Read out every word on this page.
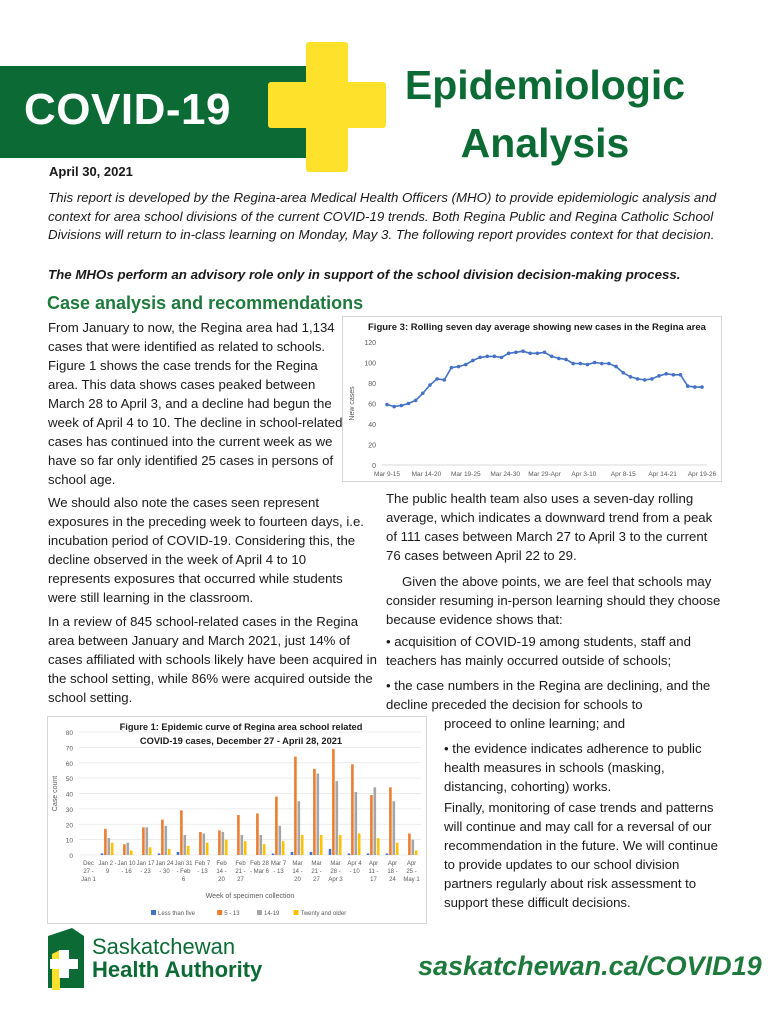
COVID-19	Epidemiologic
Analysis
April 30, 2021
This report is developed by the Regina-area Medical Health Officers (MHO) to provide epidemiologic analysis and context for area school divisions of the current COVID-19 trends. Both Regina Public and Regina Catholic School Divisions will return to in-class learning on Monday, May 3. The following report provides context for that decision.
The MHOs perform an advisory role only in support of the school division decision-making process.
Case analysis and recommendations
From January to now, the Regina area had 1,134 cases that were identified as related to schools. Figure 1 shows the case trends for the Regina area. This data shows cases peaked between March 28 to April 3, and a decline had begun the week of April 4 to 10. The decline in school-related cases has continued into the current week as we have so far only identified 25 cases in persons of school age.
We should also note the cases seen represent exposures in the preceding week to fourteen days, i.e. incubation period of COVID-19. Considering this, the decline observed in the week of April 4 to 10 represents exposures that occurred while students were still learning in the classroom.
In a review of 845 school-related cases in the Regina area between January and March 2021, just 14% of cases affiliated with schools likely have been acquired in the school setting, while 86% were acquired outside the school setting.
The public health team also uses a seven-day rolling average, which indicates a downward trend from a peak of 111 cases between March 27 to April 3 to the current 76 cases between April 22 to 29.
Given the above points, we are feel that schools may consider resuming in-person learning should they choose because evidence shows that:
• acquisition of COVID-19 among students, staff and teachers has mainly occurred outside of schools;
• the case numbers in the Regina are declining, and the decline preceded the decision for schools to
proceed to online learning; and
• the evidence indicates adherence to public health measures in schools (masking, distancing, cohorting) works.
Finally, monitoring of case trends and patterns will continue and may call for a reversal of our recommendation in the future. We will continue to provide updates to our school division partners regularly about risk assessment to support these difficult decisions.
Figure 3: Rolling seven day average showing new cases in the Regina area
0
20
40
60
80
100
120
New cases
Mar 9-15 Mar 14-20 Mar 19-25 Mar 24-30 Mar 29-Apr Apr 3-10 Apr 8-15 Apr 14-21 Apr 19-26
Figure 1: Epidemic curve of Regina area school related
COVID-19 cases, December 27 - April 28, 2021
0
10
20
30
40
50
60
70
80
Case count
Dec
27 -
Jan 1
Jan 2 -
9
Jan 10
- 16
Jan 17
- 23
Jan 24
- 30
Jan 31
- Feb
6
Feb 7
- 13
Feb
14 -
20
Feb
21 -
27
Feb 28
- Mar 6
Mar 7
- 13
Mar
14 -
20
Mar
21 -
27
Mar
28 -
Apr 3
Apr 4
- 10
Apr
11 -
17
Apr
18 -
24
Apr
25 -
May 1
Week of specimen collection
Less than five	5 - 13	14-19	Twenty and older
Saskatchewan
Health Authority	saskatchewan.ca/COVID19
